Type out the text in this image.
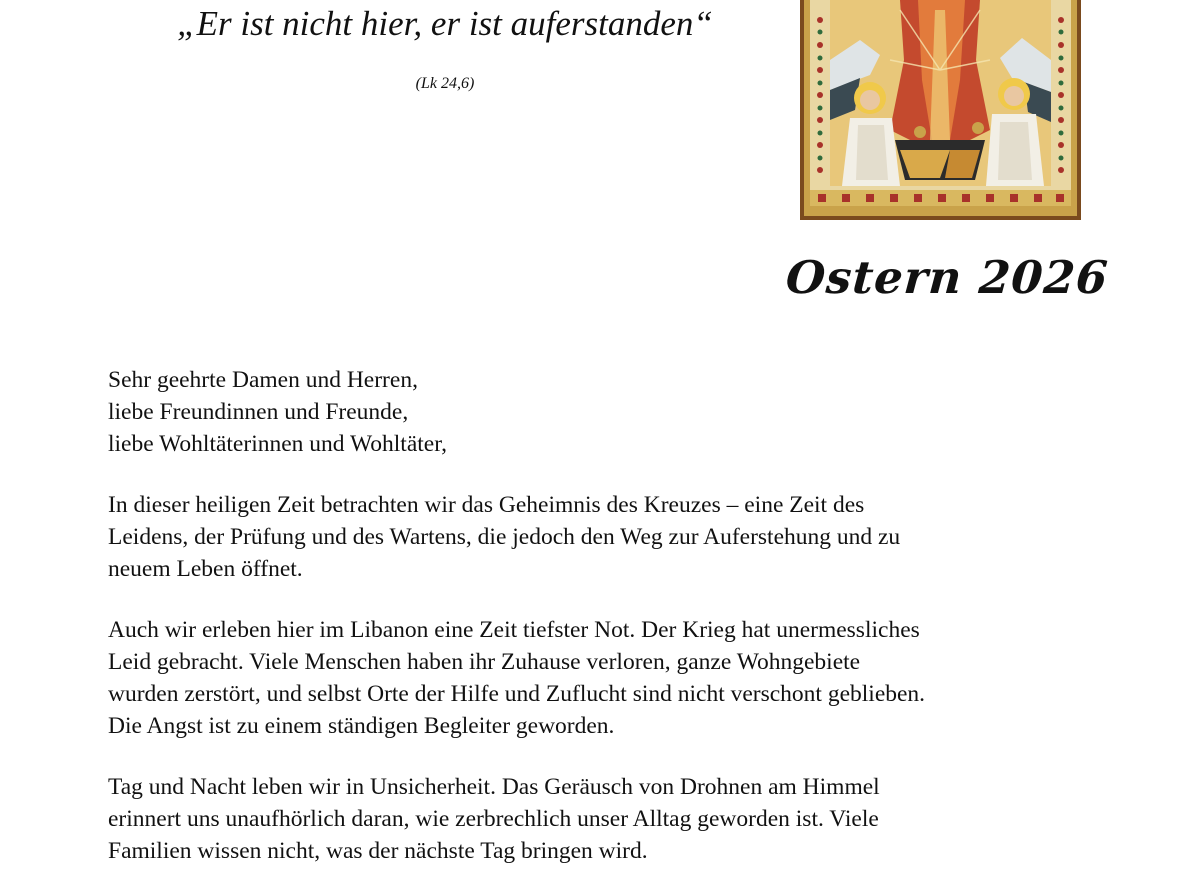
„Er ist nicht hier, er ist auferstanden“
(Lk 24,6)
Ostern 2026

Sehr geehrte Damen und Herren,
liebe Freundinnen und Freunde,
liebe Wohltäterinnen und Wohltäter,

In dieser heiligen Zeit betrachten wir das Geheimnis des Kreuzes – eine Zeit des
Leidens, der Prüfung und des Wartens, die jedoch den Weg zur Auferstehung und zu
neuem Leben öffnet.

Auch wir erleben hier im Libanon eine Zeit tiefster Not. Der Krieg hat unermessliches
Leid gebracht. Viele Menschen haben ihr Zuhause verloren, ganze Wohngebiete
wurden zerstört, und selbst Orte der Hilfe und Zuflucht sind nicht verschont geblieben.
Die Angst ist zu einem ständigen Begleiter geworden.

Tag und Nacht leben wir in Unsicherheit. Das Geräusch von Drohnen am Himmel
erinnert uns unaufhörlich daran, wie zerbrechlich unser Alltag geworden ist. Viele
Familien wissen nicht, was der nächste Tag bringen wird.
